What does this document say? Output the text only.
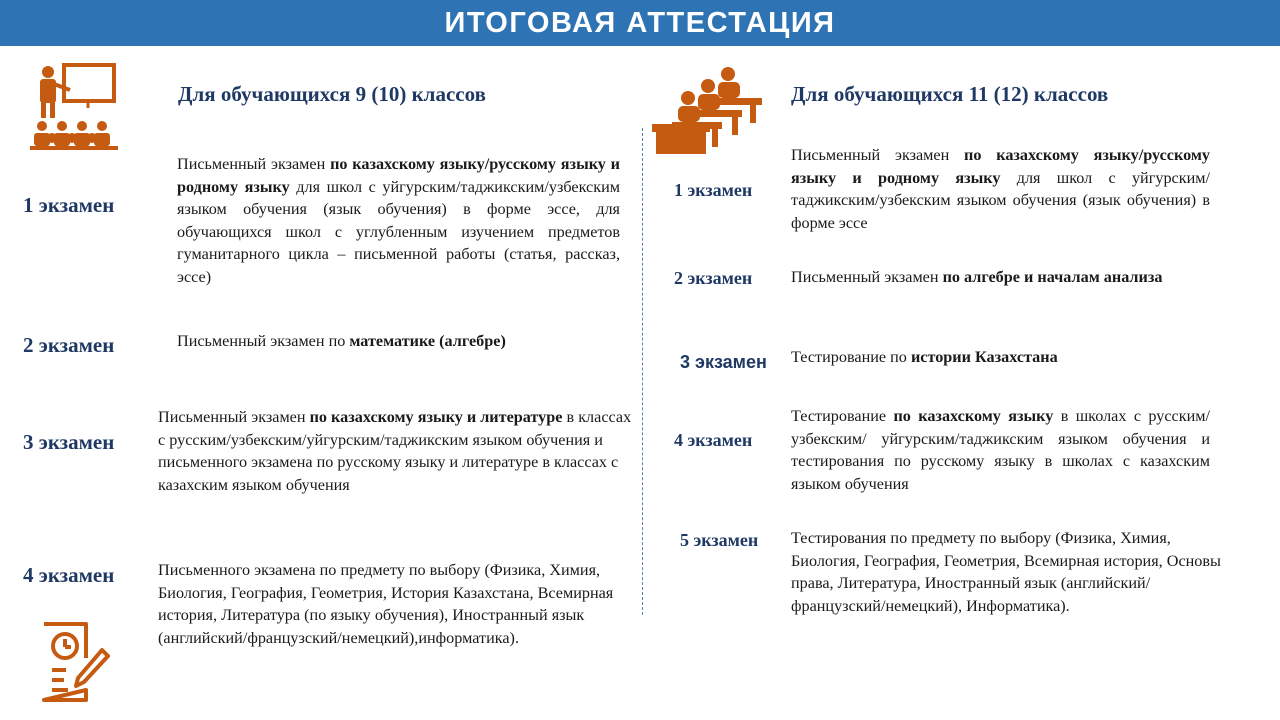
ИТОГОВАЯ АТТЕСТАЦИЯ
Для обучающихся 9 (10) классов
1 экзамен
Письменный экзамен по казахскому языку/русскому языку и родному языку для школ с уйгурским/таджикским/узбекским языком обучения (язык обучения) в форме эссе, для обучающихся школ с углубленным изучением предметов гуманитарного цикла – письменной работы (статья, рассказ, эссе)
2 экзамен	Письменный экзамен по математике (алгебре)
3 экзамен
Письменный экзамен по казахскому языку и литературе в классах с русским/узбекским/уйгурским/таджикским языком обучения и письменного экзамена по русскому языку и литературе в классах с казахским языком обучения
4 экзамен	Письменного экзамена по предмету по выбору (Физика, Химия, Биология, География, Геометрия, История Казахстана, Всемирная история, Литература (по языку обучения), Иностранный язык (английский/французский/немецкий),информатика).
Для обучающихся 11 (12) классов
1 экзамен
Письменный экзамен по казахскому языку/русскому языку и родному языку для школ с уйгурским/таджикским/узбекским языком обучения (язык обучения) в форме эссе
2 экзамен Письменный экзамен по алгебре и началам анализа
3 экзамен Тестирование по истории Казахстана
4 экзамен
Тестирование по казахскому языку в школах с русским/ узбекским/ уйгурским/таджикским языком обучения и тестирования по русскому языку в школах с казахским языком обучения
5 экзамен Тестирования по предмету по выбору (Физика, Химия, Биология, География, Геометрия, Всемирная история, Основы права, Литература, Иностранный язык (английский/французский/немецкий), Информатика).
